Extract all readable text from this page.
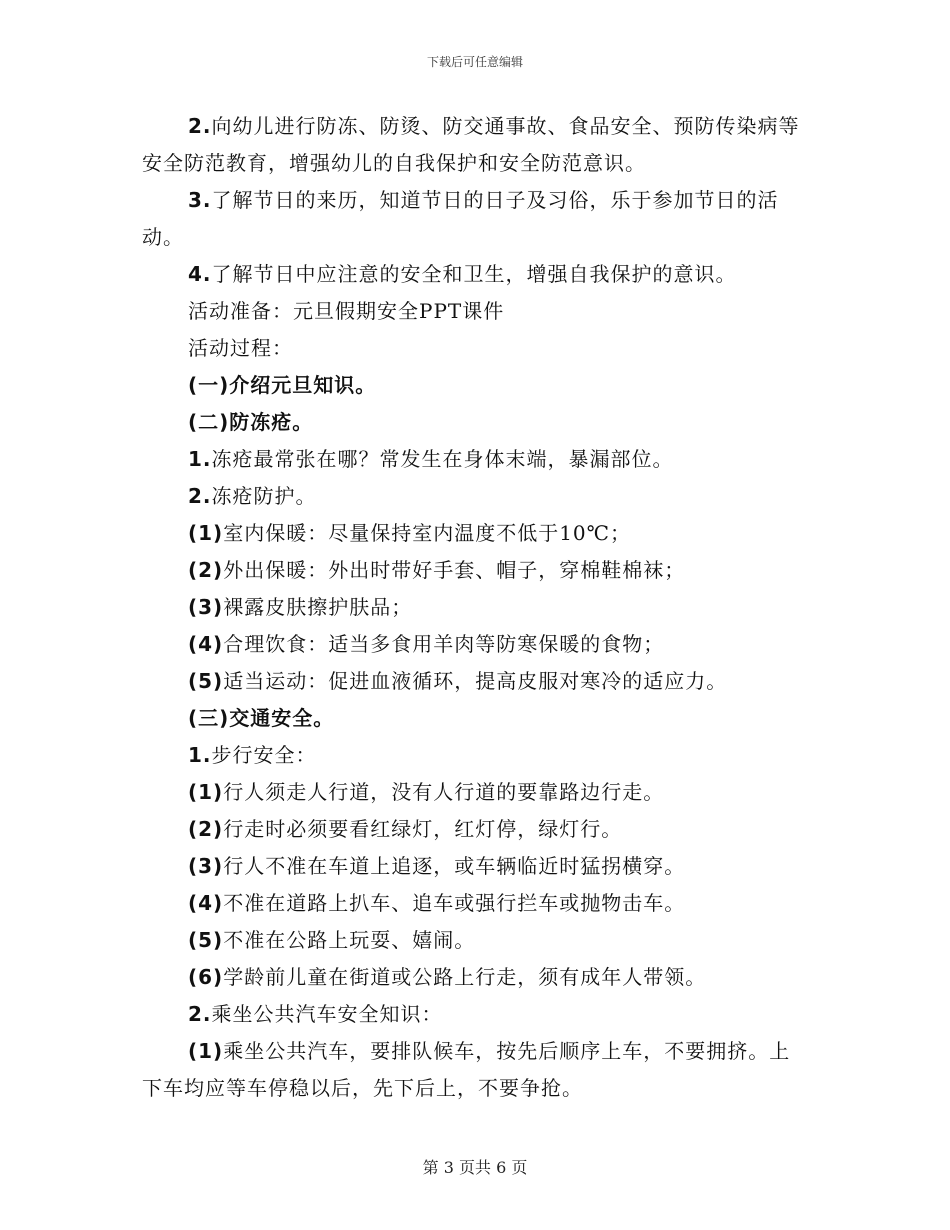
下载后可任意编辑

2.向幼儿进行防冻、防烫、防交通事故、食品安全、预防传染病等安全防范教育，增强幼儿的自我保护和安全防范意识。

3.了解节日的来历，知道节日的日子及习俗，乐于参加节日的活动。

4.了解节日中应注意的安全和卫生，增强自我保护的意识。

活动准备：元旦假期安全PPT课件

活动过程：

(一)介绍元旦知识。

(二)防冻疮。

1.冻疮最常张在哪？常发生在身体末端，暴漏部位。

2.冻疮防护。

(1)室内保暖：尽量保持室内温度不低于10℃；

(2)外出保暖：外出时带好手套、帽子，穿棉鞋棉袜；

(3)裸露皮肤擦护肤品；

(4)合理饮食：适当多食用羊肉等防寒保暖的食物；

(5)适当运动：促进血液循环，提高皮服对寒冷的适应力。

(三)交通安全。

1.步行安全：

(1)行人须走人行道，没有人行道的要靠路边行走。

(2)行走时必须要看红绿灯，红灯停，绿灯行。

(3)行人不准在车道上追逐，或车辆临近时猛拐横穿。

(4)不准在道路上扒车、追车或强行拦车或抛物击车。

(5)不准在公路上玩耍、嬉闹。

(6)学龄前儿童在街道或公路上行走，须有成年人带领。

2.乘坐公共汽车安全知识：

(1)乘坐公共汽车，要排队候车，按先后顺序上车，不要拥挤。上下车均应等车停稳以后，先下后上，不要争抢。

第 3 页共 6 页
